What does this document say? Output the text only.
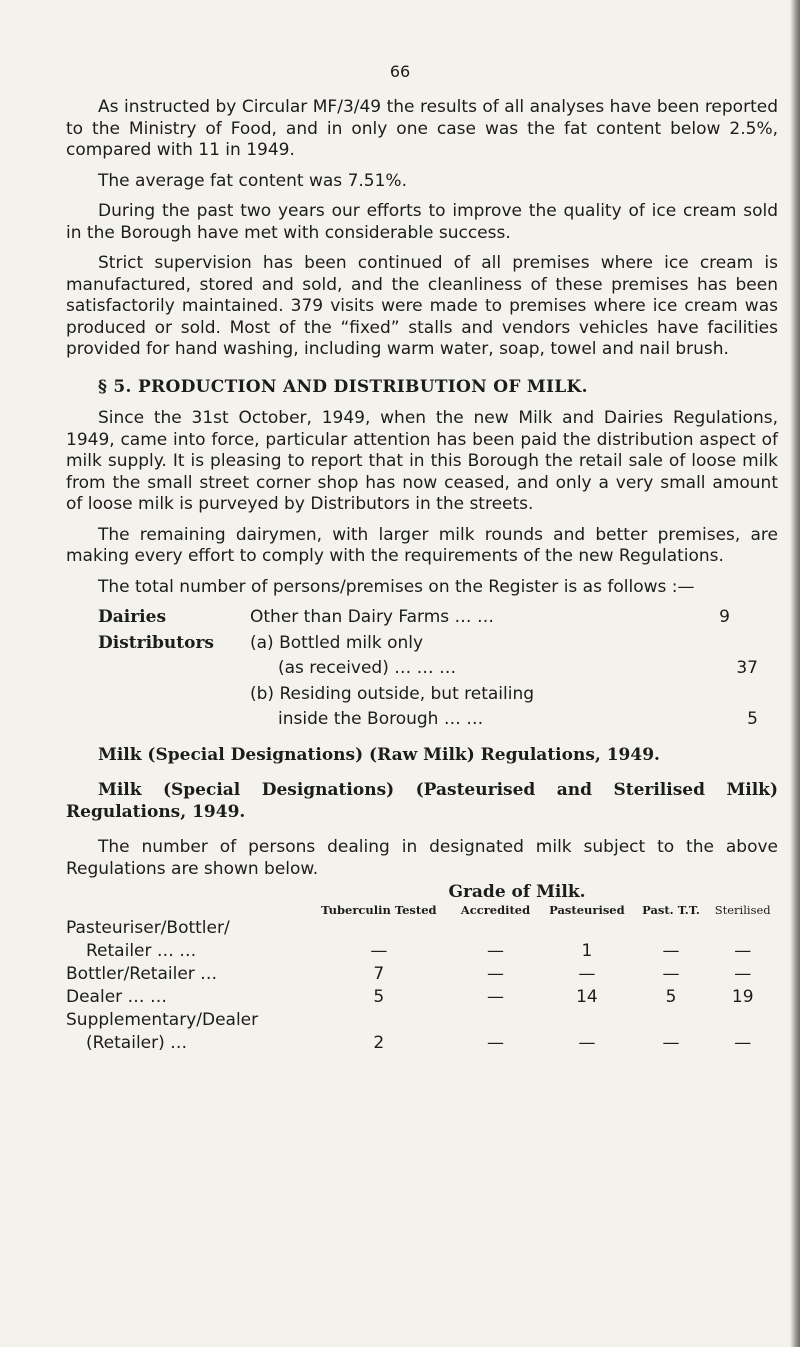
66

As instructed by Circular MF/3/49 the results of all analyses have been reported to the Ministry of Food, and in only one case was the fat content below 2.5%, compared with 11 in 1949.

The average fat content was 7.51%.

During the past two years our efforts to improve the quality of ice cream sold in the Borough have met with considerable success.

Strict supervision has been continued of all premises where ice cream is manufactured, stored and sold, and the cleanliness of these premises has been satisfactorily maintained. 379 visits were made to premises where ice cream was produced or sold. Most of the “fixed” stalls and vendors vehicles have facilities provided for hand washing, including warm water, soap, towel and nail brush.

§ 5. PRODUCTION AND DISTRIBUTION OF MILK.

Since the 31st October, 1949, when the new Milk and Dairies Regulations, 1949, came into force, particular attention has been paid the distribution aspect of milk supply. It is pleasing to report that in this Borough the retail sale of loose milk from the small street corner shop has now ceased, and only a very small amount of loose milk is purveyed by Distributors in the streets.

The remaining dairymen, with larger milk rounds and better premises, are making every effort to comply with the requirements of the new Regulations.

The total number of persons/premises on the Register is as follows :—

Dairies	Other than Dairy Farms … …	9
Distributors	(a) Bottled milk only
(as received) … … …	37
(b) Residing outside, but retailing
inside the Borough … …	5
Milk (Special Designations) (Raw Milk) Regulations, 1949.
Milk (Special Designations) (Pasteurised and Sterilised Milk) Regulations, 1949.

The number of persons dealing in designated milk subject to the above Regulations are shown below.

Grade of Milk.
	Tuberculin Tested	Accredited	Pasteurised	Past. T.T.	Sterilised
Pasteuriser/Bottler/					
Retailer … …	—	—	1	—	—
Bottler/Retailer …	7	—	—	—	—
Dealer … …	5	—	14	5	19
Supplementary/Dealer					
(Retailer) …	2	—	—	—	—
